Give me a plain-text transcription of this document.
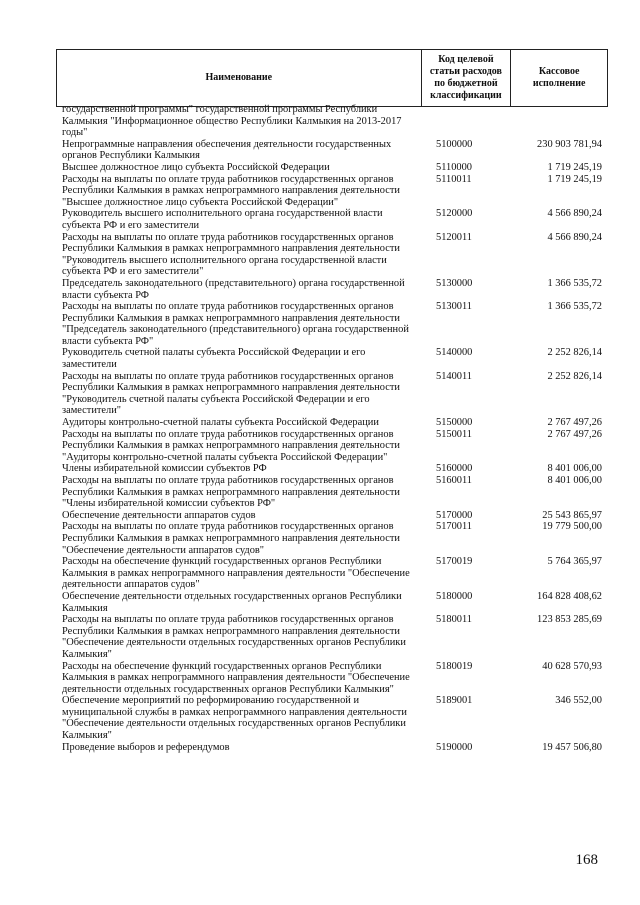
Наименование
Код целевой статьи расходов по бюджетной классификации
Кассовое исполнение
государственной программы" государственной программы Республики Калмыкия "Информационное общество Республики Калмыкия на 2013-2017 годы"
Непрограммные направления обеспечения деятельности государственных органов Республики Калмыкия
5100000	230 903 781,94
Высшее должностное лицо субъекта Российской Федерации	5110000	1 719 245,19
Расходы на выплаты по оплате труда работников государственных органов Республики Калмыкия в рамках непрограммного направления деятельности "Высшее должностное лицо субъекта Российской Федерации"
5110011	1 719 245,19
Руководитель высшего исполнительного органа государственной власти субъекта РФ и его заместители
5120000	4 566 890,24
Расходы на выплаты по оплате труда работников государственных органов Республики Калмыкия в рамках непрограммного направления деятельности "Руководитель высшего исполнительного органа государственной власти субъекта РФ и его заместители"
5120011	4 566 890,24
Председатель законодательного (представительного) органа государственной власти субъекта РФ
5130000	1 366 535,72
Расходы на выплаты по оплате труда работников государственных органов Республики Калмыкия в рамках непрограммного направления деятельности "Председатель законодательного (представительного) органа государственной власти субъекта РФ"
5130011	1 366 535,72
Руководитель счетной палаты субъекта Российской Федерации и его заместители
5140000	2 252 826,14
Расходы на выплаты по оплате труда работников государственных органов Республики Калмыкия в рамках непрограммного направления деятельности "Руководитель счетной палаты субъекта Российской Федерации и его заместители"
5140011	2 252 826,14
Аудиторы контрольно-счетной палаты субъекта Российской Федерации	5150000	2 767 497,26
Расходы на выплаты по оплате труда работников государственных органов Республики Калмыкия в рамках непрограммного направления деятельности "Аудиторы контрольно-счетной палаты субъекта Российской Федерации"
5150011	2 767 497,26
Члены избирательной комиссии субъектов РФ	5160000	8 401 006,00
Расходы на выплаты по оплате труда работников государственных органов Республики Калмыкия в рамках непрограммного направления деятельности "Члены избирательной комиссии субъектов РФ"
5160011	8 401 006,00
Обеспечение деятельности аппаратов судов	5170000	25 543 865,97
Расходы на выплаты по оплате труда работников государственных органов Республики Калмыкия в рамках непрограммного направления деятельности "Обеспечение деятельности аппаратов судов"
5170011	19 779 500,00
Расходы на обеспечение функций государственных органов Республики Калмыкия в рамках непрограммного направления деятельности "Обеспечение деятельности аппаратов судов"
5170019	5 764 365,97
Обеспечение деятельности отдельных государственных органов Республики Калмыкия
5180000	164 828 408,62
Расходы на выплаты по оплате труда работников государственных органов Республики Калмыкия в рамках непрограммного направления деятельности "Обеспечение деятельности отдельных государственных органов Республики Калмыкия"
5180011	123 853 285,69
Расходы на обеспечение функций государственных органов Республики Калмыкия в рамках непрограммного направления деятельности "Обеспечение деятельности отдельных государственных органов Республики Калмыкия"
5180019	40 628 570,93
Обеспечение мероприятий по реформированию государственной и муниципальной службы в рамках непрограммного направления деятельности "Обеспечение деятельности отдельных государственных органов Республики Калмыкия"
5189001	346 552,00
Проведение выборов и референдумов	5190000	19 457 506,80
168
